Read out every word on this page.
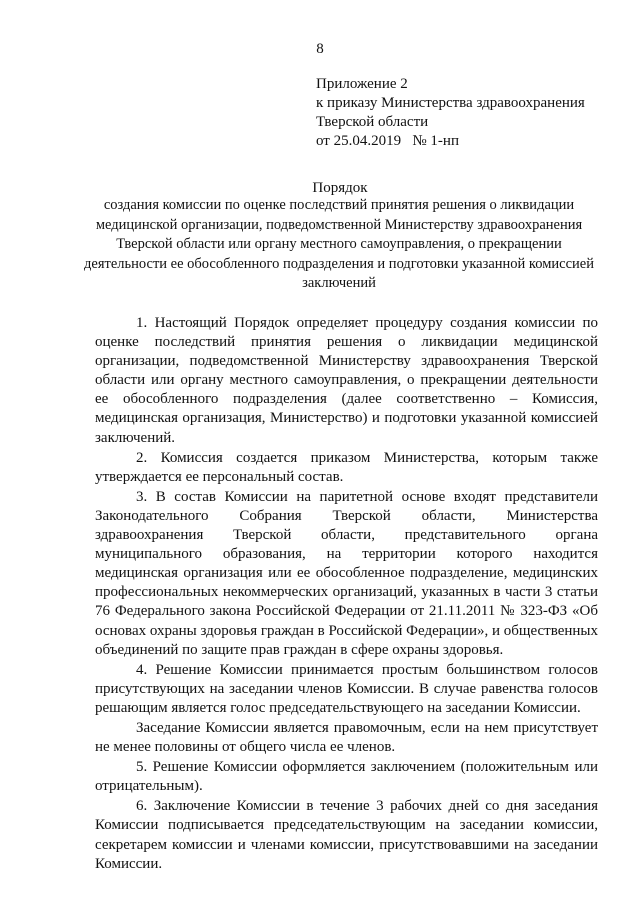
8
Приложение 2
к приказу Министерства здравоохранения
Тверской области
от 25.04.2019   № 1-нп
Порядок
создания комиссии по оценке последствий принятия решения о ликвидации медицинской организации, подведомственной Министерству здравоохранения Тверской области или органу местного самоуправления, о прекращении деятельности ее обособленного подразделения и подготовки указанной комиссией заключений

1. Настоящий Порядок определяет процедуру создания комиссии по оценке последствий принятия решения о ликвидации медицинской организации, подведомственной Министерству здравоохранения Тверской области или органу местного самоуправления, о прекращении деятельности ее обособленного подразделения (далее соответственно – Комиссия, медицинская организация, Министерство) и подготовки указанной комиссией заключений.

2. Комиссия создается приказом Министерства, которым также утверждается ее персональный состав.

3. В состав Комиссии на паритетной основе входят представители Законодательного Собрания Тверской области, Министерства здравоохранения Тверской области, представительного органа муниципального образования, на территории которого находится медицинская организация или ее обособленное подразделение, медицинских профессиональных некоммерческих организаций, указанных в части 3 статьи 76 Федерального закона Российской Федерации от 21.11.2011 № 323-ФЗ «Об основах охраны здоровья граждан в Российской Федерации», и общественных объединений по защите прав граждан в сфере охраны здоровья.

4. Решение Комиссии принимается простым большинством голосов присутствующих на заседании членов Комиссии. В случае равенства голосов решающим является голос председательствующего на заседании Комиссии.

Заседание Комиссии является правомочным, если на нем присутствует не менее половины от общего числа ее членов.

5. Решение Комиссии оформляется заключением (положительным или отрицательным).

6. Заключение Комиссии в течение 3 рабочих дней со дня заседания Комиссии подписывается председательствующим на заседании комиссии, секретарем комиссии и членами комиссии, присутствовавшими на заседании Комиссии.
